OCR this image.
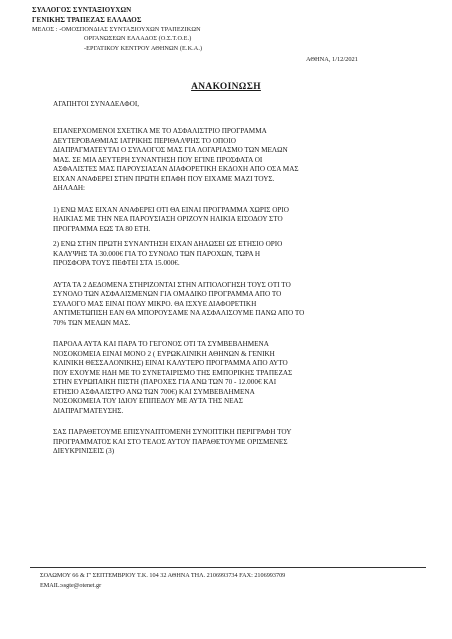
ΣΥΛΛΟΓΟΣ ΣΥΝΤΑΞΙΟΥΧΩΝ
ΓΕΝΙΚΗΣ ΤΡΑΠΕΖΑΣ ΕΛΛΑΔΟΣ
ΜΕΛΟΣ : -ΟΜΟΣΠΟΝΔΙΑΣ ΣΥΝΤΑΞΙΟΥΧΩΝ ΤΡΑΠΕΖΙΚΩΝ
ΟΡΓΑΝΩΣΕΩΝ ΕΛΛΑΔΟΣ (Ο.Σ.Τ.Ο.Ε.)
-ΕΡΓΑΤΙΚΟΥ ΚΕΝΤΡΟΥ ΑΘΗΝΩΝ (Ε.Κ.Α.)
ΑΘΗΝΑ, 1/12/2021
ΑΝΑΚΟΙΝΩΣΗ
ΑΓΑΠΗΤΟΙ ΣΥΝΑΔΕΛΦΟΙ,

ΕΠΑΝΕΡΧΟΜΕΝΟΙ ΣΧΕΤΙΚΑ ΜΕ ΤΟ ΑΣΦΑΛΙΣΤΡΙΟ ΠΡΟΓΡΑΜΜΑ
ΔΕΥΤΕΡΟΒΑΘΜΙΑΣ ΙΑΤΡΙΚΗΣ ΠΕΡΙΘΑΛΨΗΣ ΤΟ ΟΠΟΙΟ
ΔΙΑΠΡΑΓΜΑΤΕΥΤΑΙ Ο ΣΥΛΛΟΓΟΣ ΜΑΣ ΓΙΑ ΛΟΓΑΡΙΑΣΜΟ ΤΩΝ ΜΕΛΩΝ
ΜΑΣ. ΣΕ ΜΙΑ ΔΕΥΤΕΡΗ ΣΥΝΑΝΤΗΣΗ ΠΟΥ ΕΓΙΝΕ ΠΡΟΣΦΑΤΑ ΟΙ
ΑΣΦΑΛΙΣΤΕΣ ΜΑΣ ΠΑΡΟΥΣΙΑΣΑΝ ΔΙΑΦΟΡΕΤΙΚΗ ΕΚΔΟΧΗ ΑΠΟ ΟΣΑ ΜΑΣ
ΕΙΧΑΝ ΑΝΑΦΕΡΕΙ ΣΤΗΝ ΠΡΩΤΗ ΕΠΑΦΗ ΠΟΥ ΕΙΧΑΜΕ ΜΑΖΙ ΤΟΥΣ.
ΔΗΛΑΔΗ:

1) ΕΝΩ ΜΑΣ ΕΙΧΑΝ ΑΝΑΦΕΡΕΙ ΟΤΙ ΘΑ ΕΙΝΑΙ ΠΡΟΓΡΑΜΜΑ ΧΩΡΙΣ ΟΡΙΟ
ΗΛΙΚΙΑΣ ΜΕ ΤΗΝ ΝΕΑ ΠΑΡΟΥΣΙΑΣΗ ΟΡΙΖΟΥΝ ΗΛΙΚΙΑ ΕΙΣΟΔΟΥ ΣΤΟ
ΠΡΟΓΡΑΜΜΑ ΕΩΣ ΤΑ 80 ΕΤΗ.

2) ΕΝΩ ΣΤΗΝ ΠΡΩΤΗ ΣΥΝΑΝΤΗΣΗ ΕΙΧΑΝ ΔΗΛΩΣΕΙ ΩΣ ΕΤΗΣΙΟ ΟΡΙΟ
ΚΑΛΥΨΗΣ ΤΑ 30.000€ ΓΙΑ ΤΟ ΣΥΝΟΛΟ ΤΩΝ ΠΑΡΟΧΩΝ, ΤΩΡΑ Η
ΠΡΟΣΦΟΡΑ ΤΟΥΣ ΠΕΦΤΕΙ ΣΤΑ 15.000€.

ΑΥΤΑ ΤΑ 2 ΔΕΔΟΜΕΝΑ ΣΤΗΡΙΖΟΝΤΑΙ ΣΤΗΝ ΑΙΤΙΟΛΟΓΗΣΗ ΤΟΥΣ ΟΤΙ ΤΟ
ΣΥΝΟΛΟ ΤΩΝ ΑΣΦΑΛΙΣΜΕΝΩΝ ΓΙΑ ΟΜΑΔΙΚΟ ΠΡΟΓΡΑΜΜΑ ΑΠΟ ΤΟ
ΣΥΛΛΟΓΟ ΜΑΣ ΕΙΝΑΙ ΠΟΛΥ ΜΙΚΡΟ. ΘΑ ΙΣΧΥΕ ΔΙΑΦΟΡΕΤΙΚΗ
ΑΝΤΙΜΕΤΩΠΙΣΗ ΕΑΝ ΘΑ ΜΠΟΡΟΥΣΑΜΕ ΝΑ ΑΣΦΑΛΙΣΟΥΜΕ ΠΑΝΩ ΑΠΟ ΤΟ
70% ΤΩΝ ΜΕΛΩΝ ΜΑΣ.

ΠΑΡΟΛΑ ΑΥΤΑ ΚΑΙ ΠΑΡΑ ΤΟ ΓΕΓΟΝΟΣ ΟΤΙ ΤΑ ΣΥΜΒΕΒΛΗΜΕΝΑ
ΝΟΣΟΚΟΜΕΙΑ ΕΙΝΑΙ ΜΟΝΟ 2 ( ΕΥΡΩΚΛΙΝΙΚΗ ΑΘΗΝΩΝ & ΓΕΝΙΚΗ
ΚΛΙΝΙΚΗ ΘΕΣΣΑΛΟΝΙΚΗΣ) ΕΙΝΑΙ ΚΑΛΥΤΕΡΟ ΠΡΟΓΡΑΜΜΑ ΑΠΟ ΑΥΤΟ
ΠΟΥ ΕΧΟΥΜΕ ΗΔΗ ΜΕ ΤΟ ΣΥΝΕΤΑΙΡΙΣΜΟ ΤΗΣ ΕΜΠΟΡΙΚΗΣ ΤΡΑΠΕΖΑΣ
ΣΤΗΝ ΕΥΡΩΠΑΙΚΗ ΠΙΣΤΗ (ΠΑΡΟΧΕΣ ΓΙΑ ΑΝΩ ΤΩΝ 70 - 12.000€ ΚΑΙ
ΕΤΗΣΙΟ ΑΣΦΑΛΙΣΤΡΟ ΑΝΩ ΤΩΝ 700€) ΚΑΙ ΣΥΜΒΕΒΛΗΜΕΝΑ
ΝΟΣΟΚΟΜΕΙΑ ΤΟΥ ΙΔΙΟΥ ΕΠΙΠΕΔΟΥ ΜΕ ΑΥΤΑ ΤΗΣ ΝΕΑΣ
ΔΙΑΠΡΑΓΜΑΤΕΥΣΗΣ.

ΣΑΣ ΠΑΡΑΘΕΤΟΥΜΕ ΕΠΙΣΥΝΑΠΤΟΜΕΝΗ ΣΥΝΟΠΤΙΚΗ ΠΕΡΙΓΡΑΦΗ ΤΟΥ
ΠΡΟΓΡΑΜΜΑΤΟΣ ΚΑΙ ΣΤΟ ΤΕΛΟΣ ΑΥΤΟΥ ΠΑΡΑΘΕΤΟΥΜΕ ΟΡΙΣΜΕΝΕΣ
ΔΙΕΥΚΡΙΝΙΣΕΙΣ (3)

ΣΟΛΩΜΟΥ 66 & Γ' ΣΕΠΤΕΜΒΡΙΟΥ Τ.Κ. 104 32 ΑΘΗΝΑ ΤΗΛ. 2106993734 FAX: 2106993709
EMAIL:ssgte@otenet.gr
